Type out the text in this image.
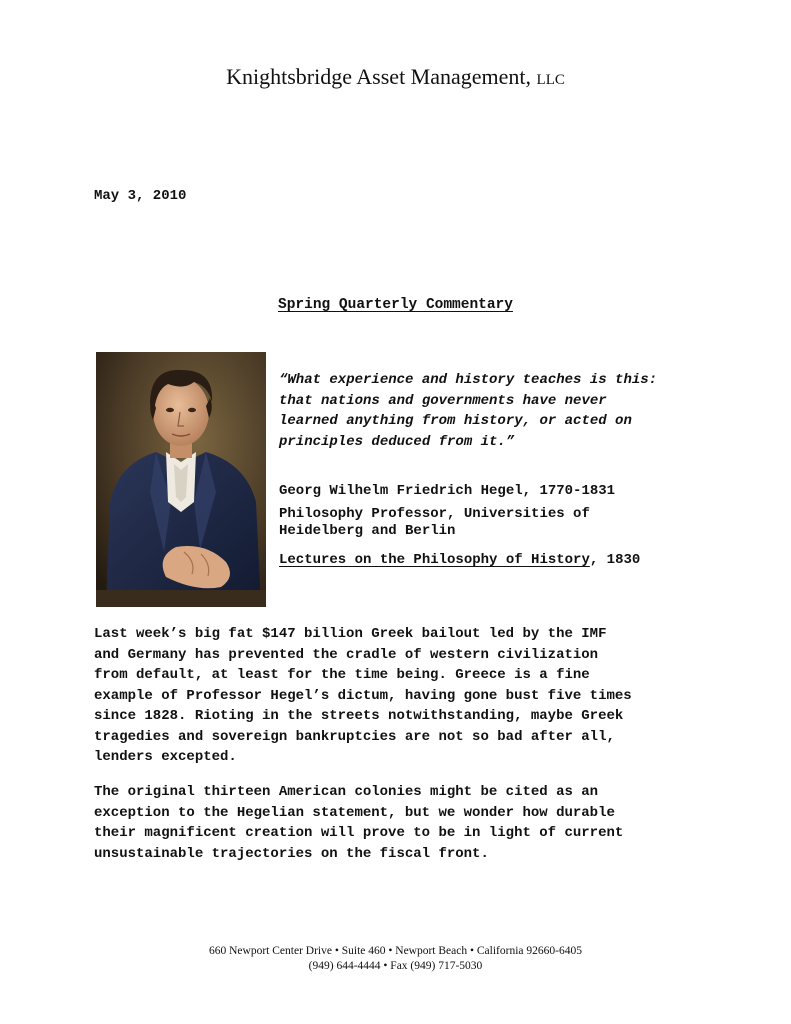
Knightsbridge Asset Management, LLC
May 3, 2010
Spring Quarterly Commentary
“What experience and history teaches is this:
that nations and governments have never
learned anything from history, or acted on
principles deduced from it.”
Georg Wilhelm Friedrich Hegel, 1770-1831
Philosophy Professor, Universities of
Heidelberg and Berlin
Lectures on the Philosophy of History, 1830
Last week’s big fat $147 billion Greek bailout led by the IMF
and Germany has prevented the cradle of western civilization
from default, at least for the time being. Greece is a fine
example of Professor Hegel’s dictum, having gone bust five times
since 1828. Rioting in the streets notwithstanding, maybe Greek
tragedies and sovereign bankruptcies are not so bad after all,
lenders excepted.
The original thirteen American colonies might be cited as an
exception to the Hegelian statement, but we wonder how durable
their magnificent creation will prove to be in light of current
unsustainable trajectories on the fiscal front.
660 Newport Center Drive • Suite 460 • Newport Beach • California 92660-6405
(949) 644-4444 • Fax (949) 717-5030
